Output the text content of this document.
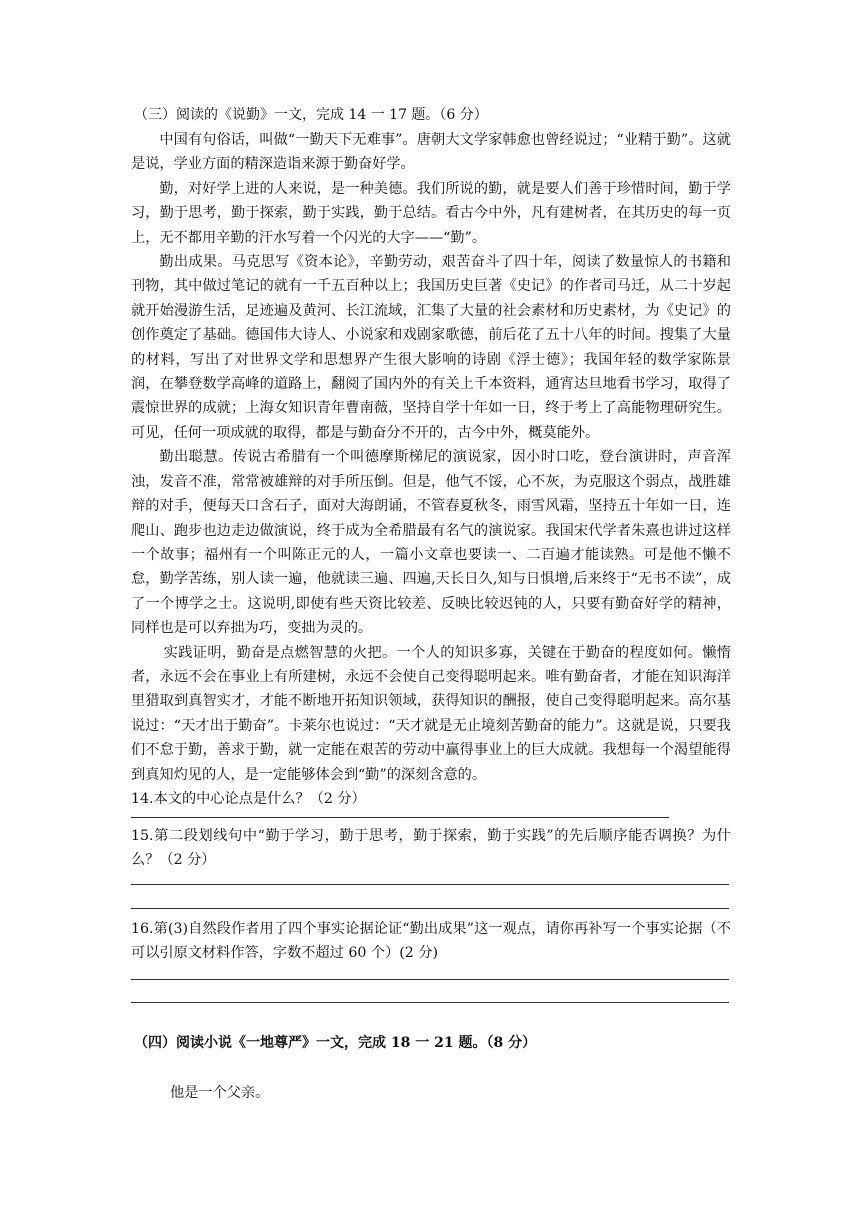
（三）阅读的《说勤》一文，完成 14 一 17 题。（6 分）

中国有句俗话，叫做“一勤天下无难事”。唐朝大文学家韩愈也曾经说过；“业精于勤”。这就是说，学业方面的精深造诣来源于勤奋好学。

勤，对好学上进的人来说，是一种美德。我们所说的勤，就是要人们善于珍惜时间，勤于学习，勤于思考，勤于探索，勤于实践，勤于总结。看古今中外，凡有建树者，在其历史的每一页上，无不都用辛勤的汗水写着一个闪光的大字——“勤”。

勤出成果。马克思写《资本论》，辛勤劳动，艰苦奋斗了四十年，阅读了数量惊人的书籍和刊物，其中做过笔记的就有一千五百种以上；我国历史巨著《史记》的作者司马迁，从二十岁起就开始漫游生活，足迹遍及黄河、长江流域，汇集了大量的社会素材和历史素材，为《史记》的创作奠定了基础。德国伟大诗人、小说家和戏剧家歌德，前后花了五十八年的时间。搜集了大量的材料，写出了对世界文学和思想界产生很大影响的诗剧《浮士德》；我国年轻的数学家陈景润，在攀登数学高峰的道路上，翻阅了国内外的有关上千本资料，通宵达旦地看书学习，取得了震惊世界的成就；上海女知识青年曹南薇，坚持自学十年如一日，终于考上了高能物理研究生。可见，任何一项成就的取得，都是与勤奋分不开的，古今中外，概莫能外。

勤出聪慧。传说古希腊有一个叫德摩斯梯尼的演说家，因小时口吃，登台演讲时，声音浑浊，发音不准，常常被雄辩的对手所压倒。但是，他气不馁，心不灰，为克服这个弱点，战胜雄辩的对手，便每天口含石子，面对大海朗诵，不管春夏秋冬，雨雪风霜，坚持五十年如一日，连爬山、跑步也边走边做演说，终于成为全希腊最有名气的演说家。我国宋代学者朱熹也讲过这样一个故事；福州有一个叫陈正元的人，一篇小文章也要读一、二百遍才能读熟。可是他不懒不怠，勤学苦练，别人读一遍，他就读三遍、四遍,天长日久,知与日惧增,后来终于“无书不读”，成了一个博学之士。这说明,即使有些天资比较差、反映比较迟钝的人，只要有勤奋好学的精神，同样也是可以弃拙为巧，变拙为灵的。

实践证明，勤奋是点燃智慧的火把。一个人的知识多寡，关键在于勤奋的程度如何。懒惰者，永远不会在事业上有所建树，永远不会使自己变得聪明起来。唯有勤奋者，才能在知识海洋里猎取到真智实才，才能不断地开拓知识领域，获得知识的酬报，使自己变得聪明起来。高尔基说过：“天才出于勤奋”。卡莱尔也说过：“天才就是无止境刻苦勤奋的能力”。这就是说，只要我们不怠于勤，善求于勤，就一定能在艰苦的劳动中赢得事业上的巨大成就。我想每一个渴望能得到真知灼见的人，是一定能够体会到“勤”的深刻含意的。

14.本文的中心论点是什么？（2 分）

15.第二段划线句中“勤于学习，勤于思考，勤于探索，勤于实践”的先后顺序能否调换？为什么？（2 分）

16.第(3)自然段作者用了四个事实论据论证“勤出成果”这一观点，请你再补写一个事实论据（不可以引原文材料作答，字数不超过 60 个）(2 分)

（四）阅读小说《一地尊严》一文，完成 18 一 21 题。（8 分）
他是一个父亲。
